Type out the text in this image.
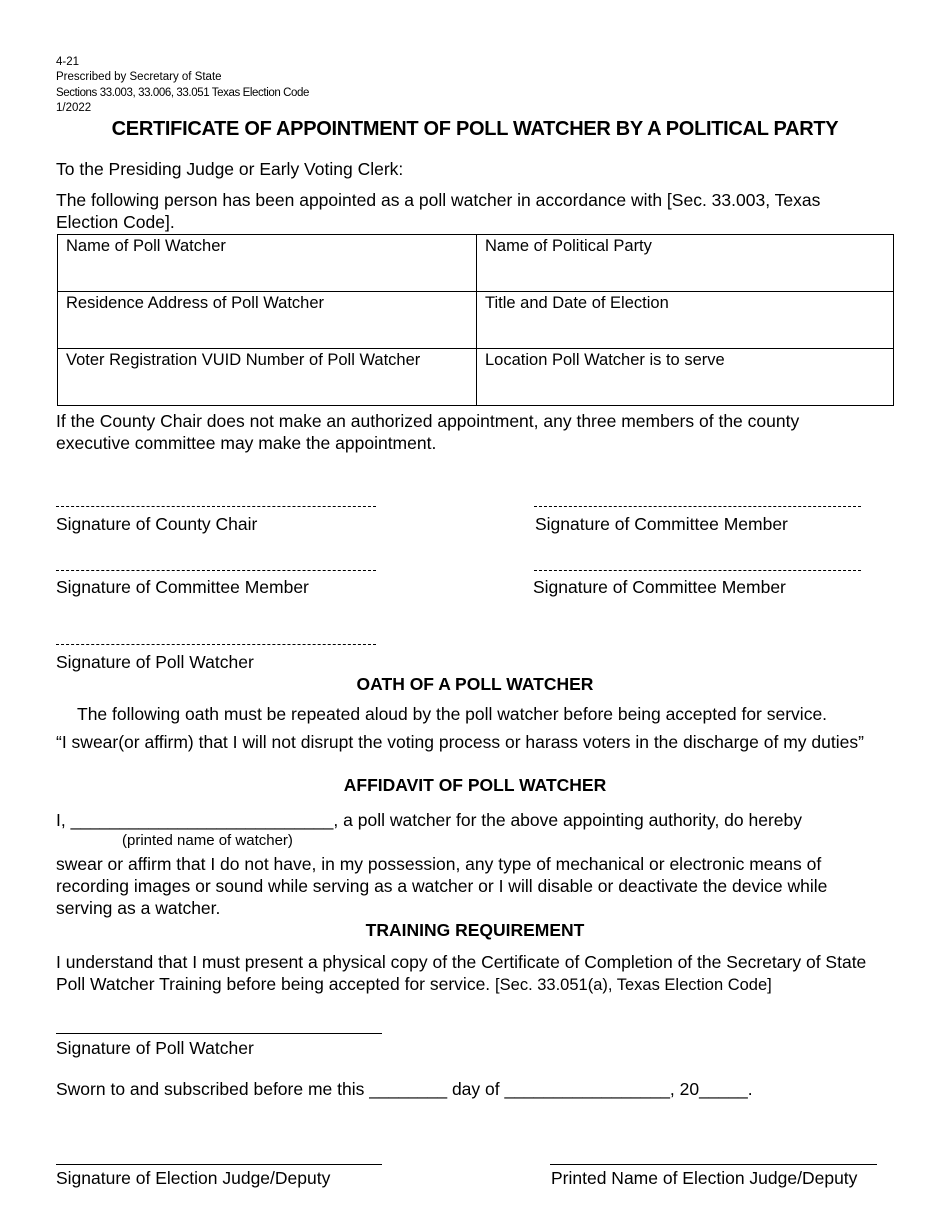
4-21
Prescribed by Secretary of State
Sections 33.003, 33.006, 33.051 Texas Election Code
1/2022
CERTIFICATE OF APPOINTMENT OF POLL WATCHER BY A POLITICAL PARTY
To the Presiding Judge or Early Voting Clerk:
The following person has been appointed as a poll watcher in accordance with [Sec. 33.003, Texas Election Code].
Name of Poll Watcher	Name of Political Party
Residence Address of Poll Watcher	Title and Date of Election
Voter Registration VUID Number of Poll Watcher	Location Poll Watcher is to serve
If the County Chair does not make an authorized appointment, any three members of the county executive committee may make the appointment.
Signature of County Chair	Signature of Committee Member
Signature of Committee Member	Signature of Committee Member
Signature of Poll Watcher
OATH OF A POLL WATCHER
The following oath must be repeated aloud by the poll watcher before being accepted for service.
“I swear(or affirm) that I will not disrupt the voting process or harass voters in the discharge of my duties”
AFFIDAVIT OF POLL WATCHER
I, ___________________________, a poll watcher for the above appointing authority, do hereby
(printed name of watcher)
swear or affirm that I do not have, in my possession, any type of mechanical or electronic means of recording images or sound while serving as a watcher or I will disable or deactivate the device while serving as a watcher.
TRAINING REQUIREMENT
I understand that I must present a physical copy of the Certificate of Completion of the Secretary of State Poll Watcher Training before being accepted for service. [Sec. 33.051(a), Texas Election Code]
Signature of Poll Watcher
Sworn to and subscribed before me this ________ day of _________________, 20_____.
Signature of Election Judge/Deputy	Printed Name of Election Judge/Deputy
